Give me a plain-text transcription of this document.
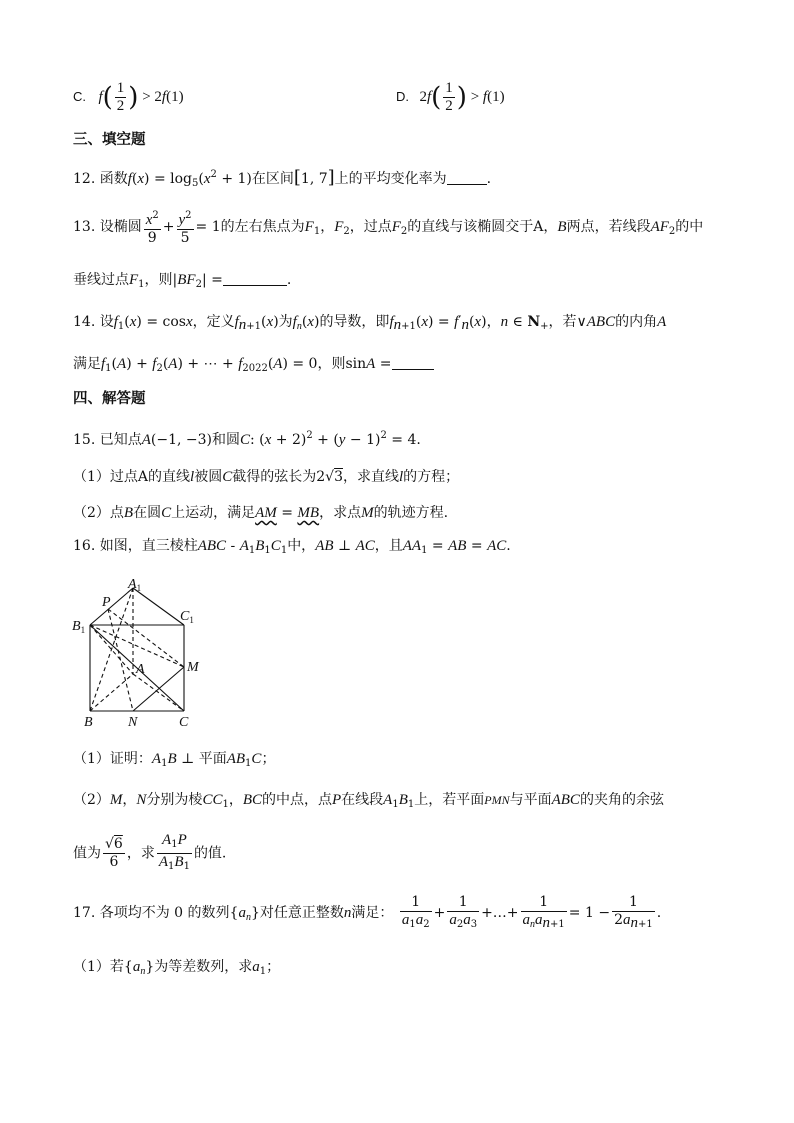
C. $f( \frac{1}{2}$ ) > 2f(1)	D. $2f( \frac{1}{2}$ ) > f(1)
三、填空题
12. 函数$f(x) = \log_5(x^2 + 1)$在区间[1, 7]上的平均变化率为	.
13. 设椭圆 $\frac{x^2}{9} + \frac{y^2}{5} = 1$的左右焦点为$F_1$，$F_2$，过点$F_2$的直线与该椭圆交于A，B两点，若线段$AF_2$的中
垂线过点$F_1$，则$|BF_2|$ =	.
14. 设$f_1(x) = \cos x$，定义$f_{n+1}(x)$为$f_n(x)$的导数，即$f_{n+1}(x) = f'_n(x)$，n ∈ $N_+$，若∨ABC的内角A
满足$f_1(A) + f_2(A)$ + ⋯ + $f_{2022}(A) = 0$，则sinA =
四、解答题
15. 已知点A(−1, −3)和圆C: $(x + 2)^2 + (y - 1)^2 = 4$.
（1）过点A的直线l被圆C截得的弦长为2√3，求直线l的方程；
（2）点B在圆C上运动，满足AM = MB，求点M的轨迹方程.
16. 如图，直三棱柱ABC - $A_1B_1C_1$中，AB ⊥ AC，且$AA_1$ = AB = AC.
$A_1$
P
$C_1$
$B_1$
M
A
B	N	C
（1）证明：$A_1B$ ⊥ 平面$AB_1C$；
（2）M，N分别为棱$CC_1$，BC的中点，点P在线段$A_1B_1$上，若平面PMN与平面ABC的夹角的余弦
值为 $\frac{√6}{6}$ ，求 $\frac{A_1P}{A_1B_1}$ 的值.
17. 各项均不为 0 的数列$\{a_n\}$对任意正整数n满足： $\frac{1}{a_1a_2} + \frac{1}{a_2a_3}$ +…+ $\frac{1}{a_na_{n+1}} = 1 - \frac{1}{2a_{n+1}}$ .
（1）若$\{a_n\}$为等差数列，求$a_1$；
